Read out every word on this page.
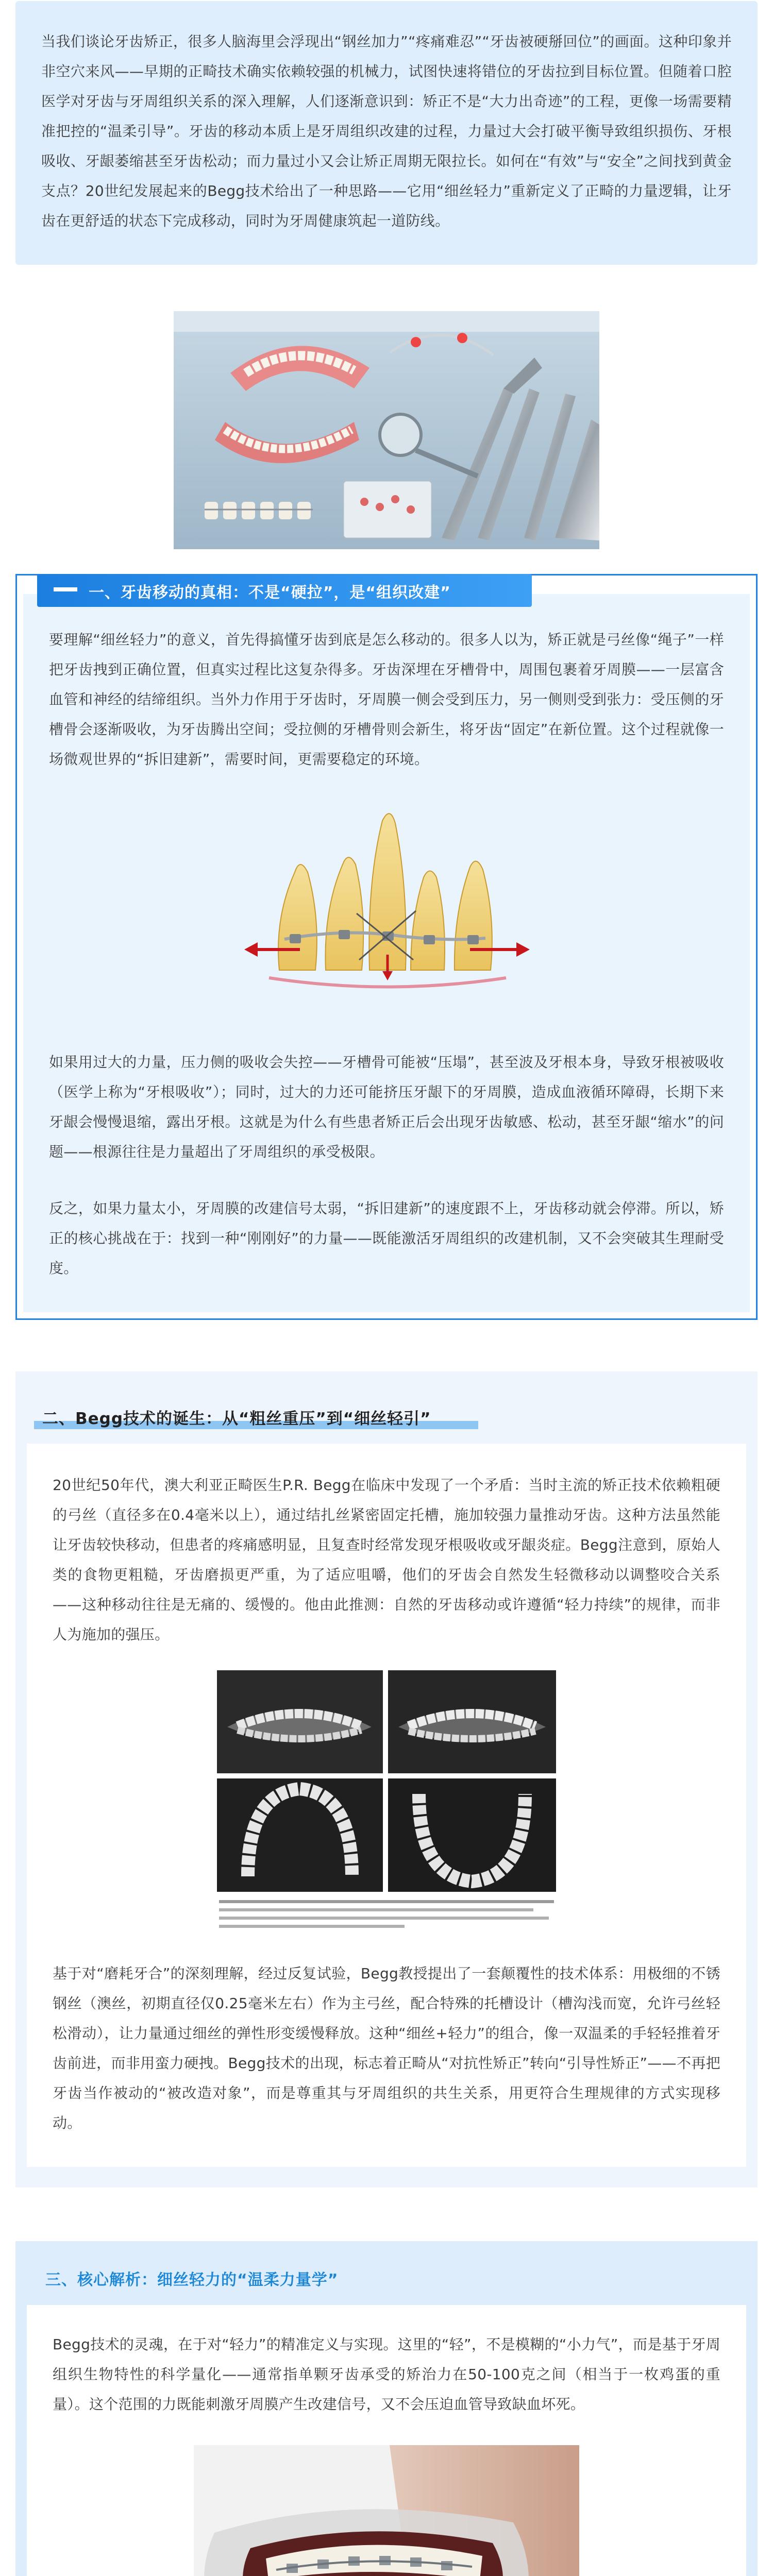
当我们谈论牙齿矫正，很多人脑海里会浮现出“钢丝加力”“疼痛难忍”“牙齿被硬掰回位”的画面。这种印象并非空穴来风——早期的正畸技术确实依赖较强的机械力，试图快速将错位的牙齿拉到目标位置。但随着口腔医学对牙齿与牙周组织关系的深入理解，人们逐渐意识到：矫正不是“大力出奇迹”的工程，更像一场需要精准把控的“温柔引导”。牙齿的移动本质上是牙周组织改建的过程，力量过大会打破平衡导致组织损伤、牙根吸收、牙龈萎缩甚至牙齿松动；而力量过小又会让矫正周期无限拉长。如何在“有效”与“安全”之间找到黄金支点？20世纪发展起来的Begg技术给出了一种思路——它用“细丝轻力”重新定义了正畸的力量逻辑，让牙齿在更舒适的状态下完成移动，同时为牙周健康筑起一道防线。

一、牙齿移动的真相：不是“硬拉”，是“组织改建”

要理解“细丝轻力”的意义，首先得搞懂牙齿到底是怎么移动的。很多人以为，矫正就是弓丝像“绳子”一样把牙齿拽到正确位置，但真实过程比这复杂得多。牙齿深埋在牙槽骨中，周围包裹着牙周膜——一层富含血管和神经的结缔组织。当外力作用于牙齿时，牙周膜一侧会受到压力，另一侧则受到张力：受压侧的牙槽骨会逐渐吸收，为牙齿腾出空间；受拉侧的牙槽骨则会新生，将牙齿“固定”在新位置。这个过程就像一场微观世界的“拆旧建新”，需要时间，更需要稳定的环境。

如果用过大的力量，压力侧的吸收会失控——牙槽骨可能被“压塌”，甚至波及牙根本身，导致牙根被吸收（医学上称为“牙根吸收”）；同时，过大的力还可能挤压牙龈下的牙周膜，造成血液循环障碍，长期下来牙龈会慢慢退缩，露出牙根。这就是为什么有些患者矫正后会出现牙齿敏感、松动，甚至牙龈“缩水”的问题——根源往往是力量超出了牙周组织的承受极限。

反之，如果力量太小，牙周膜的改建信号太弱，“拆旧建新”的速度跟不上，牙齿移动就会停滞。所以，矫正的核心挑战在于：找到一种“刚刚好”的力量——既能激活牙周组织的改建机制，又不会突破其生理耐受度。

二、Begg技术的诞生：从“粗丝重压”到“细丝轻引”

20世纪50年代，澳大利亚正畸医生P.R. Begg在临床中发现了一个矛盾：当时主流的矫正技术依赖粗硬的弓丝（直径多在0.4毫米以上），通过结扎丝紧密固定托槽，施加较强力量推动牙齿。这种方法虽然能让牙齿较快移动，但患者的疼痛感明显，且复查时经常发现牙根吸收或牙龈炎症。Begg注意到，原始人类的食物更粗糙，牙齿磨损更严重，为了适应咀嚼，他们的牙齿会自然发生轻微移动以调整咬合关系——这种移动往往是无痛的、缓慢的。他由此推测：自然的牙齿移动或许遵循“轻力持续”的规律，而非人为施加的强压。

基于对“磨耗牙合”的深刻理解，经过反复试验，Begg教授提出了一套颠覆性的技术体系：用极细的不锈钢丝（澳丝，初期直径仅0.25毫米左右）作为主弓丝，配合特殊的托槽设计（槽沟浅而宽，允许弓丝轻松滑动），让力量通过细丝的弹性形变缓慢释放。这种“细丝+轻力”的组合，像一双温柔的手轻轻推着牙齿前进，而非用蛮力硬拽。Begg技术的出现，标志着正畸从“对抗性矫正”转向“引导性矫正”——不再把牙齿当作被动的“被改造对象”，而是尊重其与牙周组织的共生关系，用更符合生理规律的方式实现移动。

三、核心解析：细丝轻力的“温柔力量学”

Begg技术的灵魂，在于对“轻力”的精准定义与实现。这里的“轻”，不是模糊的“小力气”，而是基于牙周组织生物特性的科学量化——通常指单颗牙齿承受的矫治力在50-100克之间（相当于一枚鸡蛋的重量）。这个范围的力既能刺激牙周膜产生改建信号，又不会压迫血管导致缺血坏死。
